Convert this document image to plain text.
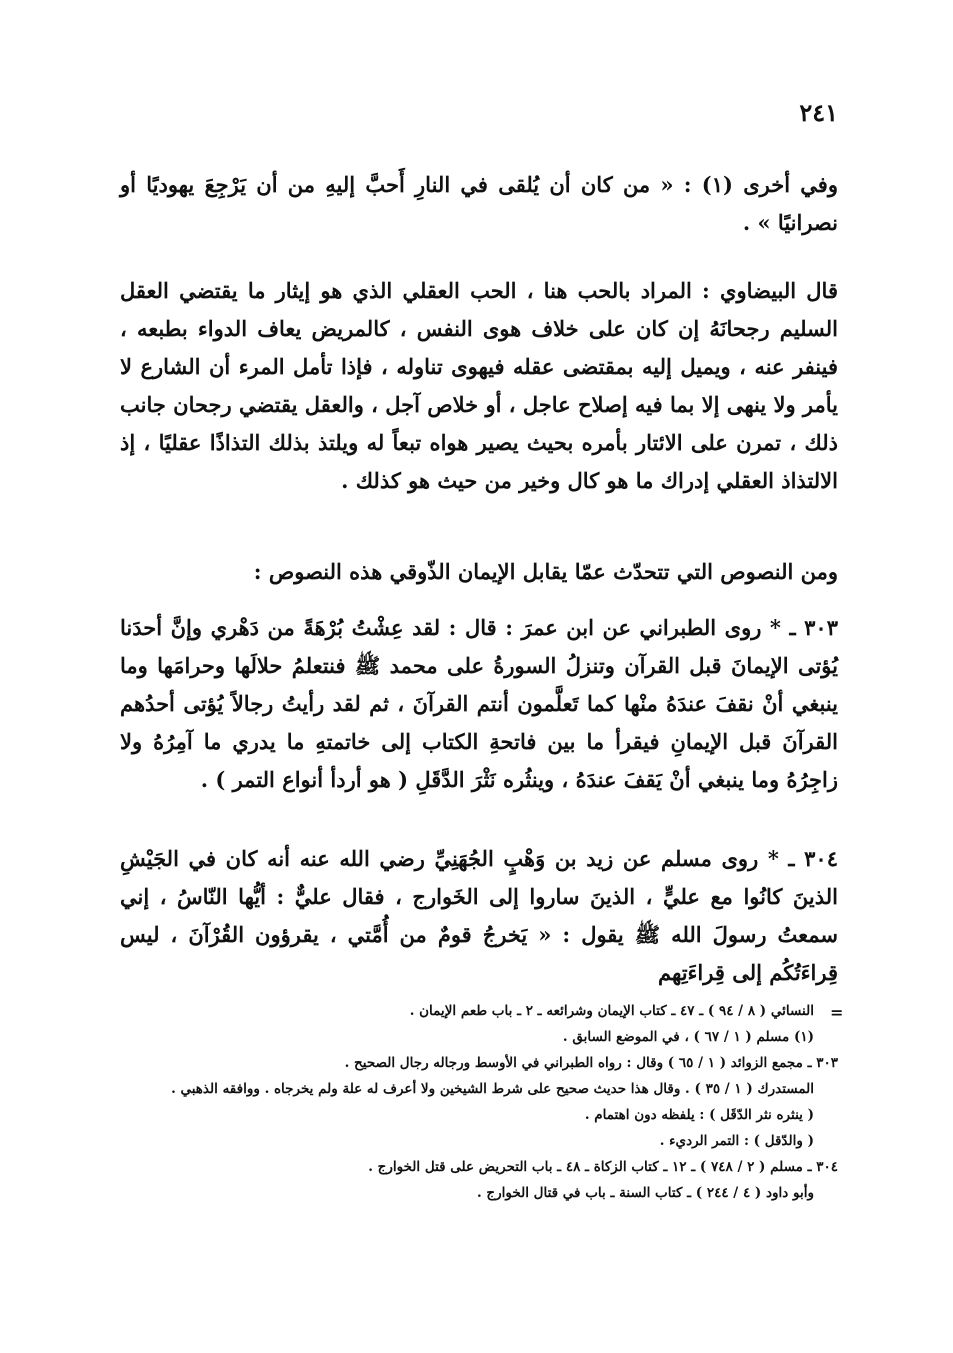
٢٤١
وفي أخرى (١) : « من كان أن يُلقى في النارِ أَحبَّ إليهِ من أن يَرْجِعَ يهوديًا أو نصرانيًا » .
قال البيضاوي : المراد بالحب هنا ، الحب العقلي الذي هو إيثار ما يقتضي العقل السليم رجحانَهُ إن كان على خلاف هوى النفس ، كالمريض يعاف الدواء بطبعه ، فينفر عنه ، ويميل إليه بمقتضى عقله فيهوى تناوله ، فإذا تأمل المرء أن الشارع لا يأمر ولا ينهى إلا بما فيه إصلاح عاجل ، أو خلاص آجل ، والعقل يقتضي رجحان جانب ذلك ، تمرن على الائتار بأمره بحيث يصير هواه تبعاً له ويلتذ بذلك التذاذًا عقليًا ، إذ الالتذاذ العقلي إدراك ما هو كال وخير من حيث هو كذلك .
ومن النصوص التي تتحدّث عمّا يقابل الإيمان الذّوقي هذه النصوص :
٣٠٣ ـ * روى الطبراني عن ابن عمرَ : قال : لقد عِشْتُ بُرْهَةً من دَهْري وإنَّ أحدَنا يُؤتى الإيمانَ قبل القرآن وتنزلُ السورةُ على محمد ﷺ فنتعلمُ حلالَها وحرامَها وما ينبغي أنْ نقفَ عندَهُ منْها كما تَعلَّمون أنتم القرآنَ ، ثم لقد رأيتُ رجالاً يُؤتى أحدُهم القرآنَ قبل الإيمانِ فيقرأ ما بين فاتحةِ الكتاب إلى خاتمتهِ ما يدري ما آمِرُهُ ولا زاجِرُهُ وما ينبغي أنْ يَقفَ عندَهُ ، وينثُره نَثْرَ الدَّقَلِ ( هو أردأ أنواع التمر ) .
٣٠٤ ـ * روى مسلم عن زيد بن وَهْبٍ الجُهَنِيِّ رضي الله عنه أنه كان في الجَيْشِ الذينَ كانُوا مع عليٍّ ، الذينَ ساروا إلى الخَوارج ، فقال عليٌّ : أيُّها النّاسُ ، إني سمعتُ رسولَ الله ﷺ يقول : « يَخرجُ قومٌ من أُمَّتي ، يقرؤون القُرْآنَ ، ليس قِراءَتُكُم إلى قِراءَتِهم
=
النسائي ( ٨ / ٩٤ ) ـ ٤٧ ـ كتاب الإيمان وشرائعه ـ ٢ ـ باب طعم الإيمان .
(١) مسلم ( ١ / ٦٧ ) ، في الموضع السابق .
٣٠٣ ـ مجمع الزوائد ( ١ / ٦٥ ) وقال : رواه الطبراني في الأوسط ورجاله رجال الصحيح .
المستدرك ( ١ / ٣٥ ) . وقال هذا حديث صحيح على شرط الشيخين ولا أعرف له علة ولم يخرجاه . ووافقه الذهبي .
( ينثره نثر الدّقَل ) : يلفظه دون اهتمام .
( والدّقل ) : التمر الرديء .
٣٠٤ ـ مسلم ( ٢ / ٧٤٨ ) ـ ١٢ ـ كتاب الزكاة ـ ٤٨ ـ باب التحريض على قتل الخوارج .
وأبو داود ( ٤ / ٢٤٤ ) ـ كتاب السنة ـ باب في قتال الخوارج .
